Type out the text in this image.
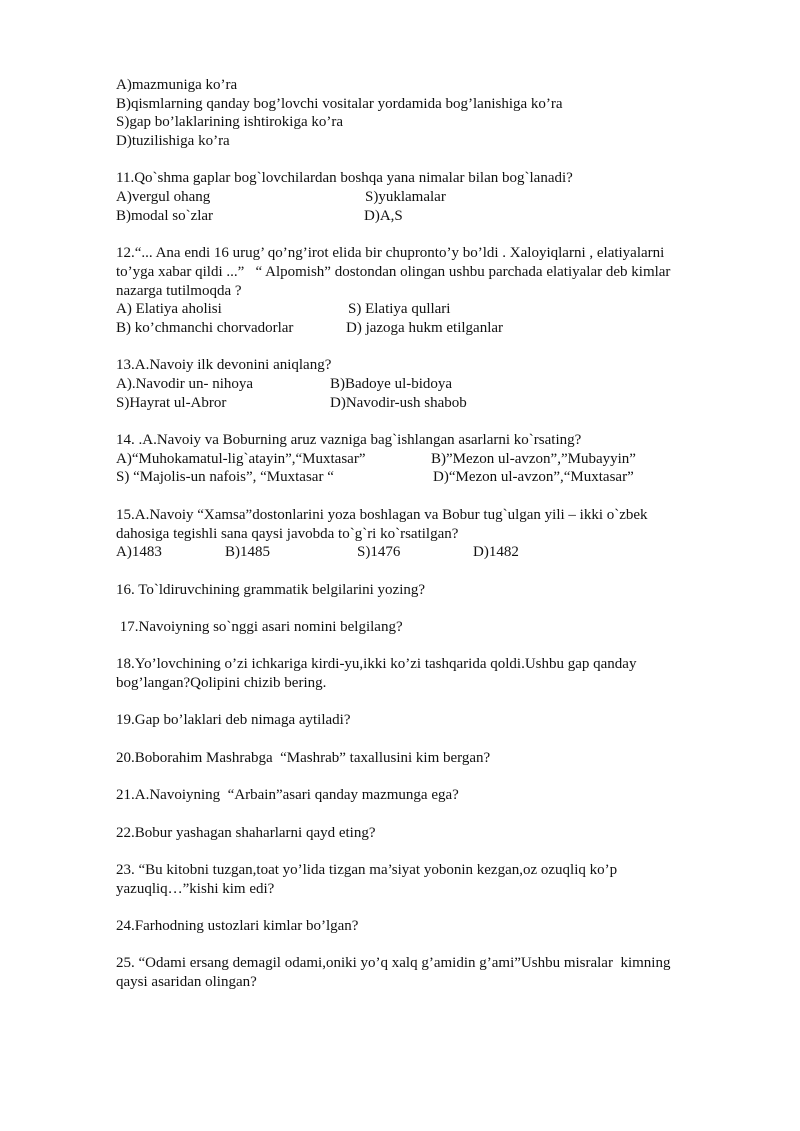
A)mazmuniga ko’ra
B)qismlarning qanday bog’lovchi vositalar yordamida bog’lanishiga ko’ra
S)gap bo’laklarining ishtirokiga ko’ra
D)tuzilishiga ko’ra
11.Qo`shma gaplar bog`lovchilardan boshqa yana nimalar bilan bog`lanadi?

A)vergul ohang

	S)yuklamalar

B)modal so`zlar

	D)A,S

12.“... Ana endi 16 urug’ qo’ng’irot elida bir chupronto’y bo’ldi . Xaloyiqlarni , elatiyalarni
to’yga xabar qildi ...”   “ Alpomish” dostondan olingan ushbu parchada elatiyalar deb kimlar
nazarga tutilmoqda ?

A) Elatiya aholisi

	S) Elatiya qullari

B) ko’chmanchi chorvadorlar

	D) jazoga hukm etilganlar

13.A.Navoiy ilk devonini aniqlang?

A).Navodir un- nihoya

	B)Badoye ul-bidoya

S)Hayrat ul-Abror

	D)Navodir-ush shabob

14. .A.Navoiy va Boburning aruz vazniga bag`ishlangan asarlarni ko`rsating?

A)“Muhokamatul-lig`atayin”,“Muxtasar”

	B)”Mezon ul-avzon”,”Mubayyin”

S) “Majolis-un nafois”, “Muxtasar “

	D)“Mezon ul-avzon”,“Muxtasar”

15.A.Navoiy “Xamsa”dostonlarini yoza boshlagan va Bobur tug`ulgan yili – ikki o`zbek
dahosiga tegishli sana qaysi javobda to`g`ri ko`rsatilgan?

A)1483

	B)1485

	S)1476

	D)1482

16. To`ldiruvchining grammatik belgilarini yozing?
17.Navoiyning so`nggi asari nomini belgilang?
18.Yo’lovchining o’zi ichkariga kirdi-yu,ikki ko’zi tashqarida qoldi.Ushbu gap qanday
bog’langan?Qolipini chizib bering.
19.Gap bo’laklari deb nimaga aytiladi?
20.Boborahim Mashrabga  “Mashrab” taxallusini kim bergan?
21.A.Navoiyning  “Arbain”asari qanday mazmunga ega?
22.Bobur yashagan shaharlarni qayd eting?
23. “Bu kitobni tuzgan,toat yo’lida tizgan ma’siyat yobonin kezgan,oz ozuqliq ko’p
yazuqliq…”kishi kim edi?
24.Farhodning ustozlari kimlar bo’lgan?
25. “Odami ersang demagil odami,oniki yo’q xalq g’amidin g’ami”Ushbu misralar  kimning
qaysi asaridan olingan?
